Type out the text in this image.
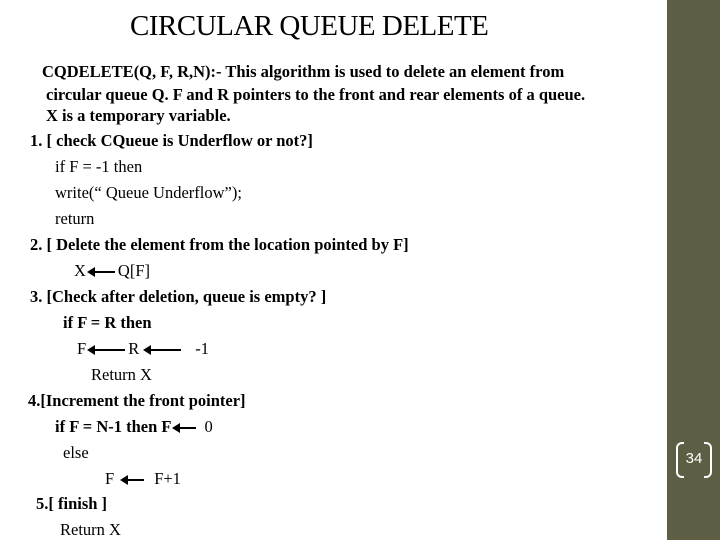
34
CIRCULAR QUEUE DELETE
CQDELETE(Q, F, R,N):- This algorithm is used to delete an element from
circular queue Q. F and R pointers to the front and rear elements of a queue.
X is a temporary variable.
1. [ check CQueue is Underflow or not?]
if F = -1 then
write(“ Queue Underflow”);
return
2. [ Delete the element from the location pointed by F]
X Q[F]
3. [Check after deletion, queue is empty? ]
if F = R then
F	R	-1
Return X
4.[Increment the front pointer]
if F = N-1 then F 0
else
F F+1
5.[ finish ]
Return X
